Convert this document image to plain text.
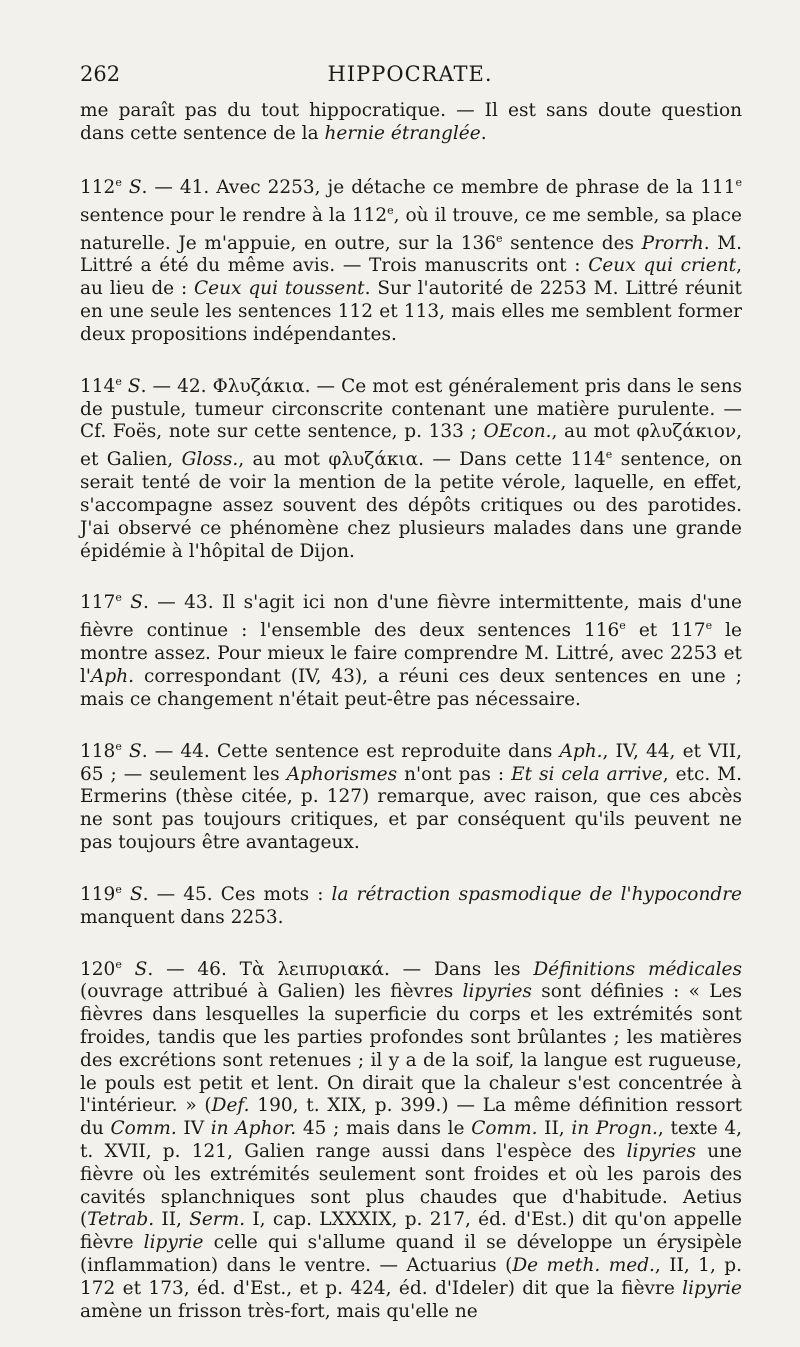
262	HIPPOCRATE.

me paraît pas du tout hippocratique. — Il est sans doute question dans cette sentence de la hernie étranglée.

112e S. — 41. Avec 2253, je détache ce membre de phrase de la 111e sentence pour le rendre à la 112e, où il trouve, ce me semble, sa place naturelle. Je m'appuie, en outre, sur la 136e sentence des Prorrh. M. Littré a été du même avis. — Trois manuscrits ont : Ceux qui crient, au lieu de : Ceux qui toussent. Sur l'autorité de 2253 M. Littré réunit en une seule les sentences 112 et 113, mais elles me semblent former deux propositions indépendantes.

114e S. — 42. Φλυζάκια. — Ce mot est généralement pris dans le sens de pustule, tumeur circonscrite contenant une matière purulente. — Cf. Foës, note sur cette sentence, p. 133 ; OEcon., au mot φλυζάκιον, et Galien, Gloss., au mot φλυζάκια. — Dans cette 114e sentence, on serait tenté de voir la mention de la petite vérole, laquelle, en effet, s'accompagne assez souvent des dépôts critiques ou des parotides. J'ai observé ce phénomène chez plusieurs malades dans une grande épidémie à l'hôpital de Dijon.

117e S. — 43. Il s'agit ici non d'une fièvre intermittente, mais d'une fièvre continue : l'ensemble des deux sentences 116e et 117e le montre assez. Pour mieux le faire comprendre M. Littré, avec 2253 et l'Aph. correspondant (IV, 43), a réuni ces deux sentences en une ; mais ce changement n'était peut-être pas nécessaire.

118e S. — 44. Cette sentence est reproduite dans Aph., IV, 44, et VII, 65 ; — seulement les Aphorismes n'ont pas : Et si cela arrive, etc. M. Ermerins (thèse citée, p. 127) remarque, avec raison, que ces abcès ne sont pas toujours critiques, et par conséquent qu'ils peuvent ne pas toujours être avantageux.

119e S. — 45. Ces mots : la rétraction spasmodique de l'hypocondre manquent dans 2253.

120e S. — 46. Τὰ λειπυριακά. — Dans les Définitions médicales (ouvrage attribué à Galien) les fièvres lipyries sont définies : « Les fièvres dans lesquelles la superficie du corps et les extrémités sont froides, tandis que les parties profondes sont brûlantes ; les matières des excrétions sont retenues ; il y a de la soif, la langue est rugueuse, le pouls est petit et lent. On dirait que la chaleur s'est concentrée à l'intérieur. » (Def. 190, t. XIX, p. 399.) — La même définition ressort du Comm. IV in Aphor. 45 ; mais dans le Comm. II, in Progn., texte 4, t. XVII, p. 121, Galien range aussi dans l'espèce des lipyries une fièvre où les extrémités seulement sont froides et où les parois des cavités splanchniques sont plus chaudes que d'habitude. Aetius (Tetrab. II, Serm. I, cap. LXXXIX, p. 217, éd. d'Est.) dit qu'on appelle fièvre lipyrie celle qui s'allume quand il se développe un érysipèle (inflammation) dans le ventre. — Actuarius (De meth. med., II, 1, p. 172 et 173, éd. d'Est., et p. 424, éd. d'Ideler) dit que la fièvre lipyrie amène un frisson très-fort, mais qu'elle ne
